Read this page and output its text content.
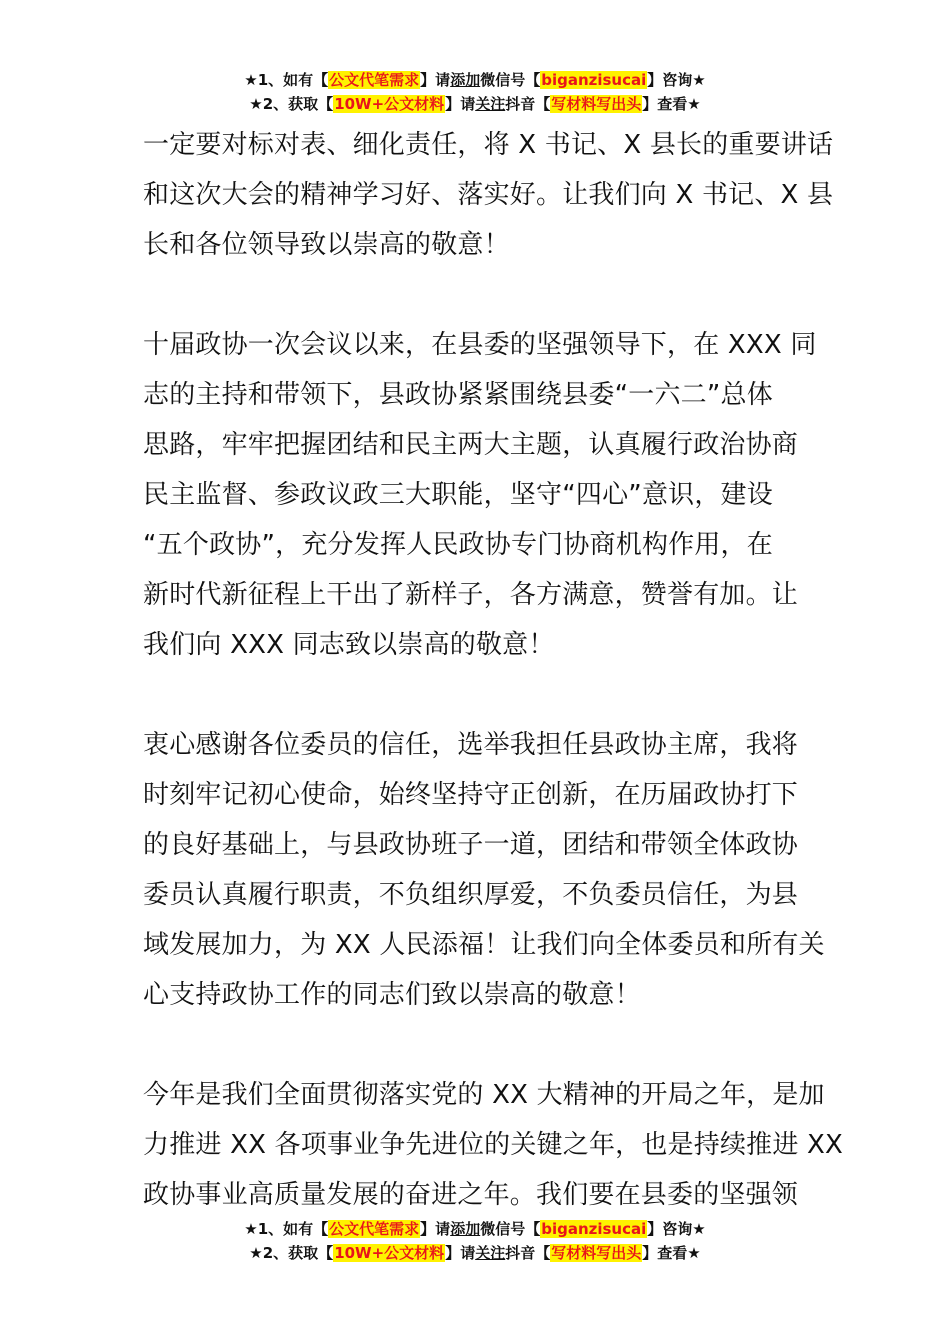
★1、如有【公文代笔需求】请添加微信号【biganzisucai】咨询★
★2、获取【10W+公文材料】请关注抖音【写材料写出头】查看★
一定要对标对表、细化责任，将 X 书记、X 县长的重要讲话
和这次大会的精神学习好、落实好。让我们向 X 书记、X 县
长和各位领导致以崇高的敬意！
十届政协一次会议以来，在县委的坚强领导下，在 XXX 同
志的主持和带领下，县政协紧紧围绕县委“一六二”总体
思路，牢牢把握团结和民主两大主题，认真履行政治协商
民主监督、参政议政三大职能，坚守“四心”意识，建设
“五个政协”，充分发挥人民政协专门协商机构作用，在
新时代新征程上干出了新样子，各方满意，赞誉有加。让
我们向 XXX 同志致以崇高的敬意！
衷心感谢各位委员的信任，选举我担任县政协主席，我将
时刻牢记初心使命，始终坚持守正创新，在历届政协打下
的良好基础上，与县政协班子一道，团结和带领全体政协
委员认真履行职责，不负组织厚爱，不负委员信任，为县
域发展加力，为 XX 人民添福！让我们向全体委员和所有关
心支持政协工作的同志们致以崇高的敬意！
今年是我们全面贯彻落实党的 XX 大精神的开局之年，是加
力推进 XX 各项事业争先进位的关键之年，也是持续推进 XX
政协事业高质量发展的奋进之年。我们要在县委的坚强领
★1、如有【公文代笔需求】请添加微信号【biganzisucai】咨询★
★2、获取【10W+公文材料】请关注抖音【写材料写出头】查看★
